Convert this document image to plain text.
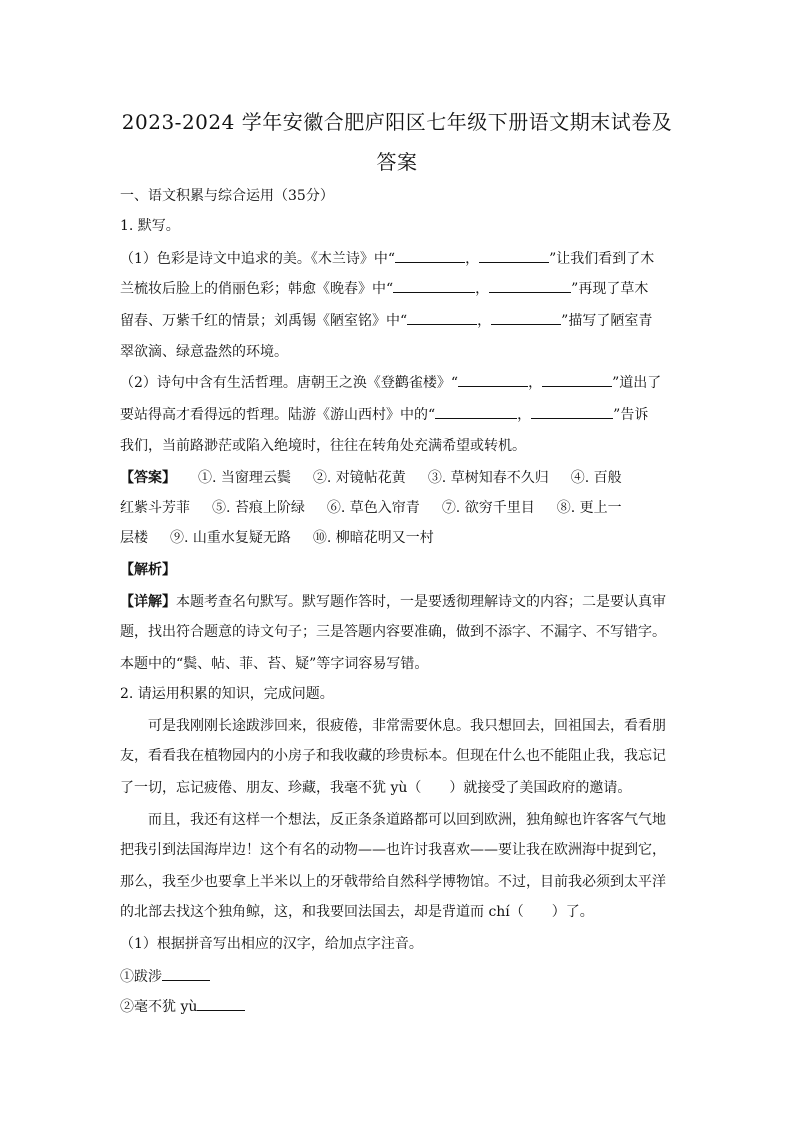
2023-2024 学年安徽合肥庐阳区七年级下册语文期末试卷及
答案
一、语文积累与综合运用（35分）
1. 默写。
（1）色彩是诗文中追求的美。《木兰诗》中“	，	”让我们看到了木
兰梳妆后脸上的俏丽色彩；韩愈《晚春》中“	，	”再现了草木
留春、万紫千红的情景；刘禹锡《陋室铭》中“	，	”描写了陋室青
翠欲滴、绿意盎然的环境。
（2）诗句中含有生活哲理。唐朝王之涣《登鹳雀楼》“	，	”道出了
要站得高才看得远的哲理。陆游《游山西村》中的“	，	”告诉
我们，当前路渺茫或陷入绝境时，往往在转角处充满希望或转机。
【答案】 ①. 当窗理云鬓 ②. 对镜帖花黄 ③. 草树知春不久归 ④. 百般
红紫斗芳菲 ⑤. 苔痕上阶绿 ⑥. 草色入帘青 ⑦. 欲穷千里目 ⑧. 更上一
层楼 ⑨. 山重水复疑无路 ⑩. 柳暗花明又一村
【解析】
【详解】本题考查名句默写。默写题作答时，一是要透彻理解诗文的内容；二是要认真审
题，找出符合题意的诗文句子；三是答题内容要准确，做到不添字、不漏字、不写错字。
本题中的“鬓、帖、菲、苔、疑”等字词容易写错。
2. 请运用积累的知识，完成问题。
可是我刚刚长途跋涉回来，很疲倦，非常需要休息。我只想回去，回祖国去，看看朋
友，看看我在植物园内的小房子和我收藏的珍贵标本。但现在什么也不能阻止我，我忘记
了一切，忘记疲倦、朋友、珍藏，我毫不犹 yù（　　）就接受了美国政府的邀请。
而且，我还有这样一个想法，反正条条道路都可以回到欧洲，独角鲸也许客客气气地
把我引到法国海岸边！这个有名的动物——也许讨我喜欢——要让我在欧洲海中捉到它，
那么，我至少也要拿上半米以上的牙戟带给自然科学博物馆。不过，目前我必须到太平洋
的北部去找这个独角鲸，这，和我要回法国去，却是背道而 chí（　　）了。
（1）根据拼音写出相应的汉字，给加点字注音。
①跋涉
②毫不犹 yù
